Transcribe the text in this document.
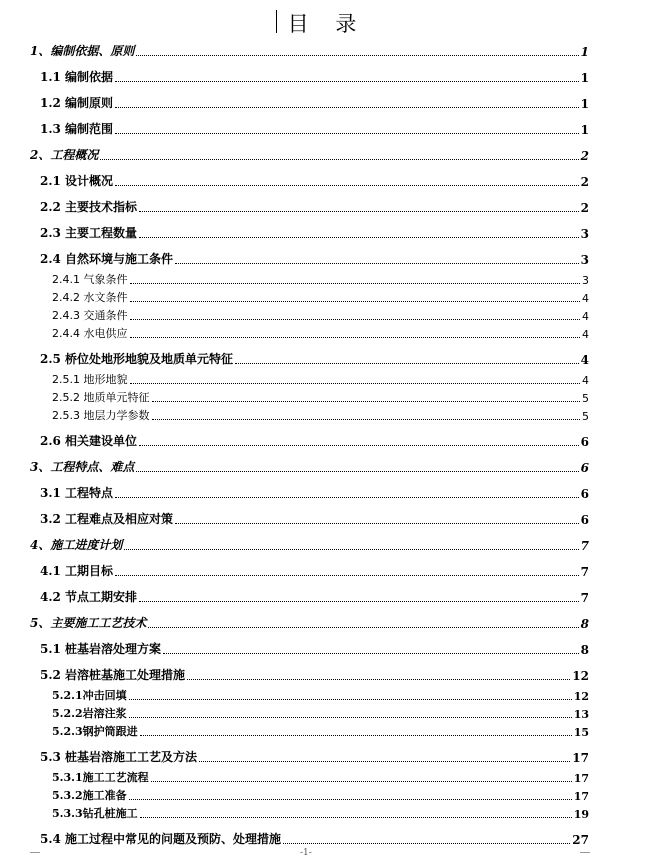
目 录
1、编制依据、原则	1
1.1 编制依据	1
1.2 编制原则	1
1.3 编制范围	1
2、工程概况	2
2.1 设计概况	2
2.2 主要技术指标	2
2.3 主要工程数量	3
2.4 自然环境与施工条件	3
2.4.1 气象条件	3
2.4.2 水文条件	4
2.4.3 交通条件	4
2.4.4 水电供应	4
2.5 桥位处地形地貌及地质单元特征	4
2.5.1 地形地貌	4
2.5.2 地质单元特征	5
2.5.3 地层力学参数	5
2.6 相关建设单位	6
3、工程特点、难点	6
3.1 工程特点	6
3.2 工程难点及相应对策	6
4、施工进度计划	7
4.1 工期目标	7
4.2 节点工期安排	7
5、主要施工工艺技术	8
5.1 桩基岩溶处理方案	8
5.2 岩溶桩基施工处理措施	12
5.2.1冲击回填	12
5.2.2岩溶注浆	13
5.2.3钢护筒跟进	15
5.3 桩基岩溶施工工艺及方法	17
5.3.1施工工艺流程	17
5.3.2施工准备	17
5.3.3钻孔桩施工	19
5.4 施工过程中常见的问题及预防、处理措施	27
-1-
